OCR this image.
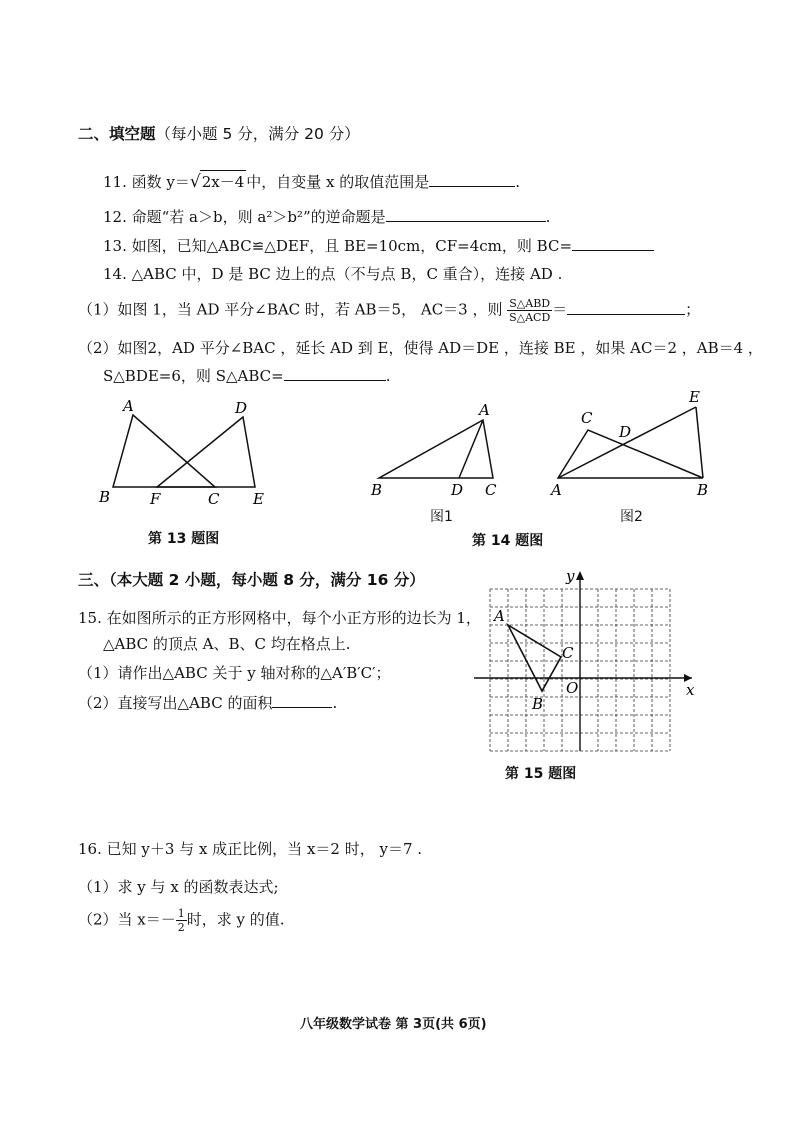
二、填空题（每小题 5 分，满分 20 分）
11. 函数 y＝√2x－4 中，自变量 x 的取值范围是	.
12. 命题“若 a＞b，则 a²＞b²”的逆命题是	.
13. 如图，已知△ABC≌△DEF，且 BE=10cm，CF=4cm，则 BC=
14. △ABC 中，D 是 BC 边上的点（不与点 B，C 重合），连接 AD .
（1）如图 1，当 AD 平分∠BAC 时，若 AB＝5， AC＝3 ，则 $\frac{\text{S△ABD}}{\text{S△ACD}}$ ＝	；
（2）如图2，AD 平分∠BAC ，延长 AD 到 E，使得 AD＝DE ，连接 BE ，如果 AC＝2 ，AB＝4 ，
S△BDE=6，则 S△ABC=	.
A	D
B	F	C E
第 13 题图
A
B	D C
图1
C
D
E
A	B
图2
第 14 题图
三、（本大题 2 小题，每小题 8 分，满分 16 分）
15. 在如图所示的正方形网格中，每个小正方形的边长为 1，
△ABC 的顶点 A、B、C 均在格点上.
（1）请作出△ABC 关于 y 轴对称的△A′B′C′；
（2）直接写出△ABC 的面积	.
y
x
A
B
C
O
第 15 题图
16. 已知 y＋3 与 x 成正比例，当 x＝2 时， y＝7 .
（1）求 y 与 x 的函数表达式;
（2）当 $x=- \frac{1}{2}$ 时，求 y 的值.
八年级数学试卷 第 3页(共 6页)
